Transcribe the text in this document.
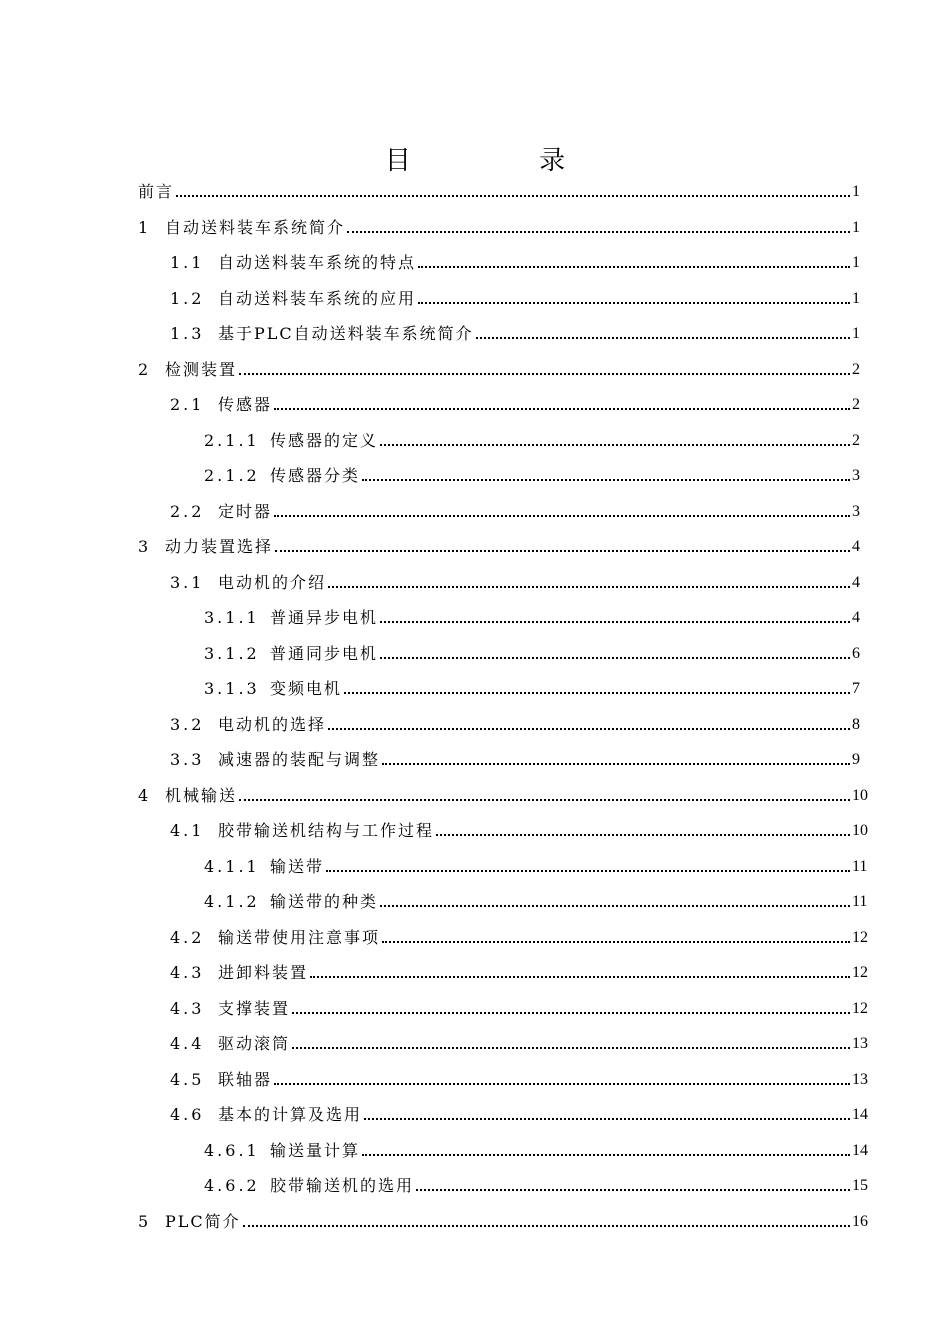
目 录
前言	1
1	自动送料装车系统简介	1
1.1 自动送料装车系统的特点	1
1.2 自动送料装车系统的应用	1
1.3 基于PLC自动送料装车系统简介	1
2	检测装置	2
2.1 传感器	2
2.1.1 传感器的定义	2
2.1.2 传感器分类	3
2.2 定时器	3
3	动力装置选择	4
3.1 电动机的介绍	4
3.1.1 普通异步电机	4
3.1.2 普通同步电机	6
3.1.3 变频电机	7
3.2 电动机的选择	8
3.3 减速器的装配与调整	9
4	机械输送	10
4.1 胶带输送机结构与工作过程	10
4.1.1 输送带	11
4.1.2 输送带的种类	11
4.2 输送带使用注意事项	12
4.3 进卸料装置	12
4.3 支撑装置	12
4.4 驱动滚筒	13
4.5 联轴器	13
4.6 基本的计算及选用	14
4.6.1 输送量计算	14
4.6.2 胶带输送机的选用	15
5	PLC简介	16
